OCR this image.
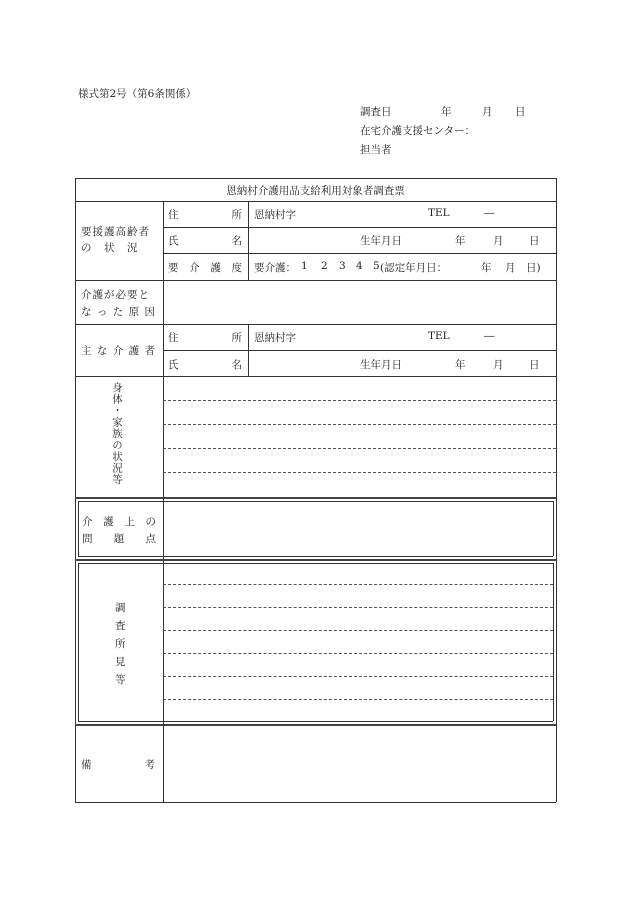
様式第2号（第6条関係）
調査日	年	月 日
在宅介護支援センター：
担当者
恩納村介護用品支給利用対象者調査票
要援護高齢者の　状　況
住	所 恩納村字	TEL	―
氏	名	生年月日	年	月 日
要 介 護 度 要介護： 1 2 3 4 5 (認定年月日：	年 月 日)
介護が必要と
な っ た 原 因
主 な 介 護 者
住	所 恩納村字	TEL	―
氏	名	生年月日	年	月 日
身体・家族の状況等
介 護 上 の
問 題 点
調
査
所
見
等
備	考
